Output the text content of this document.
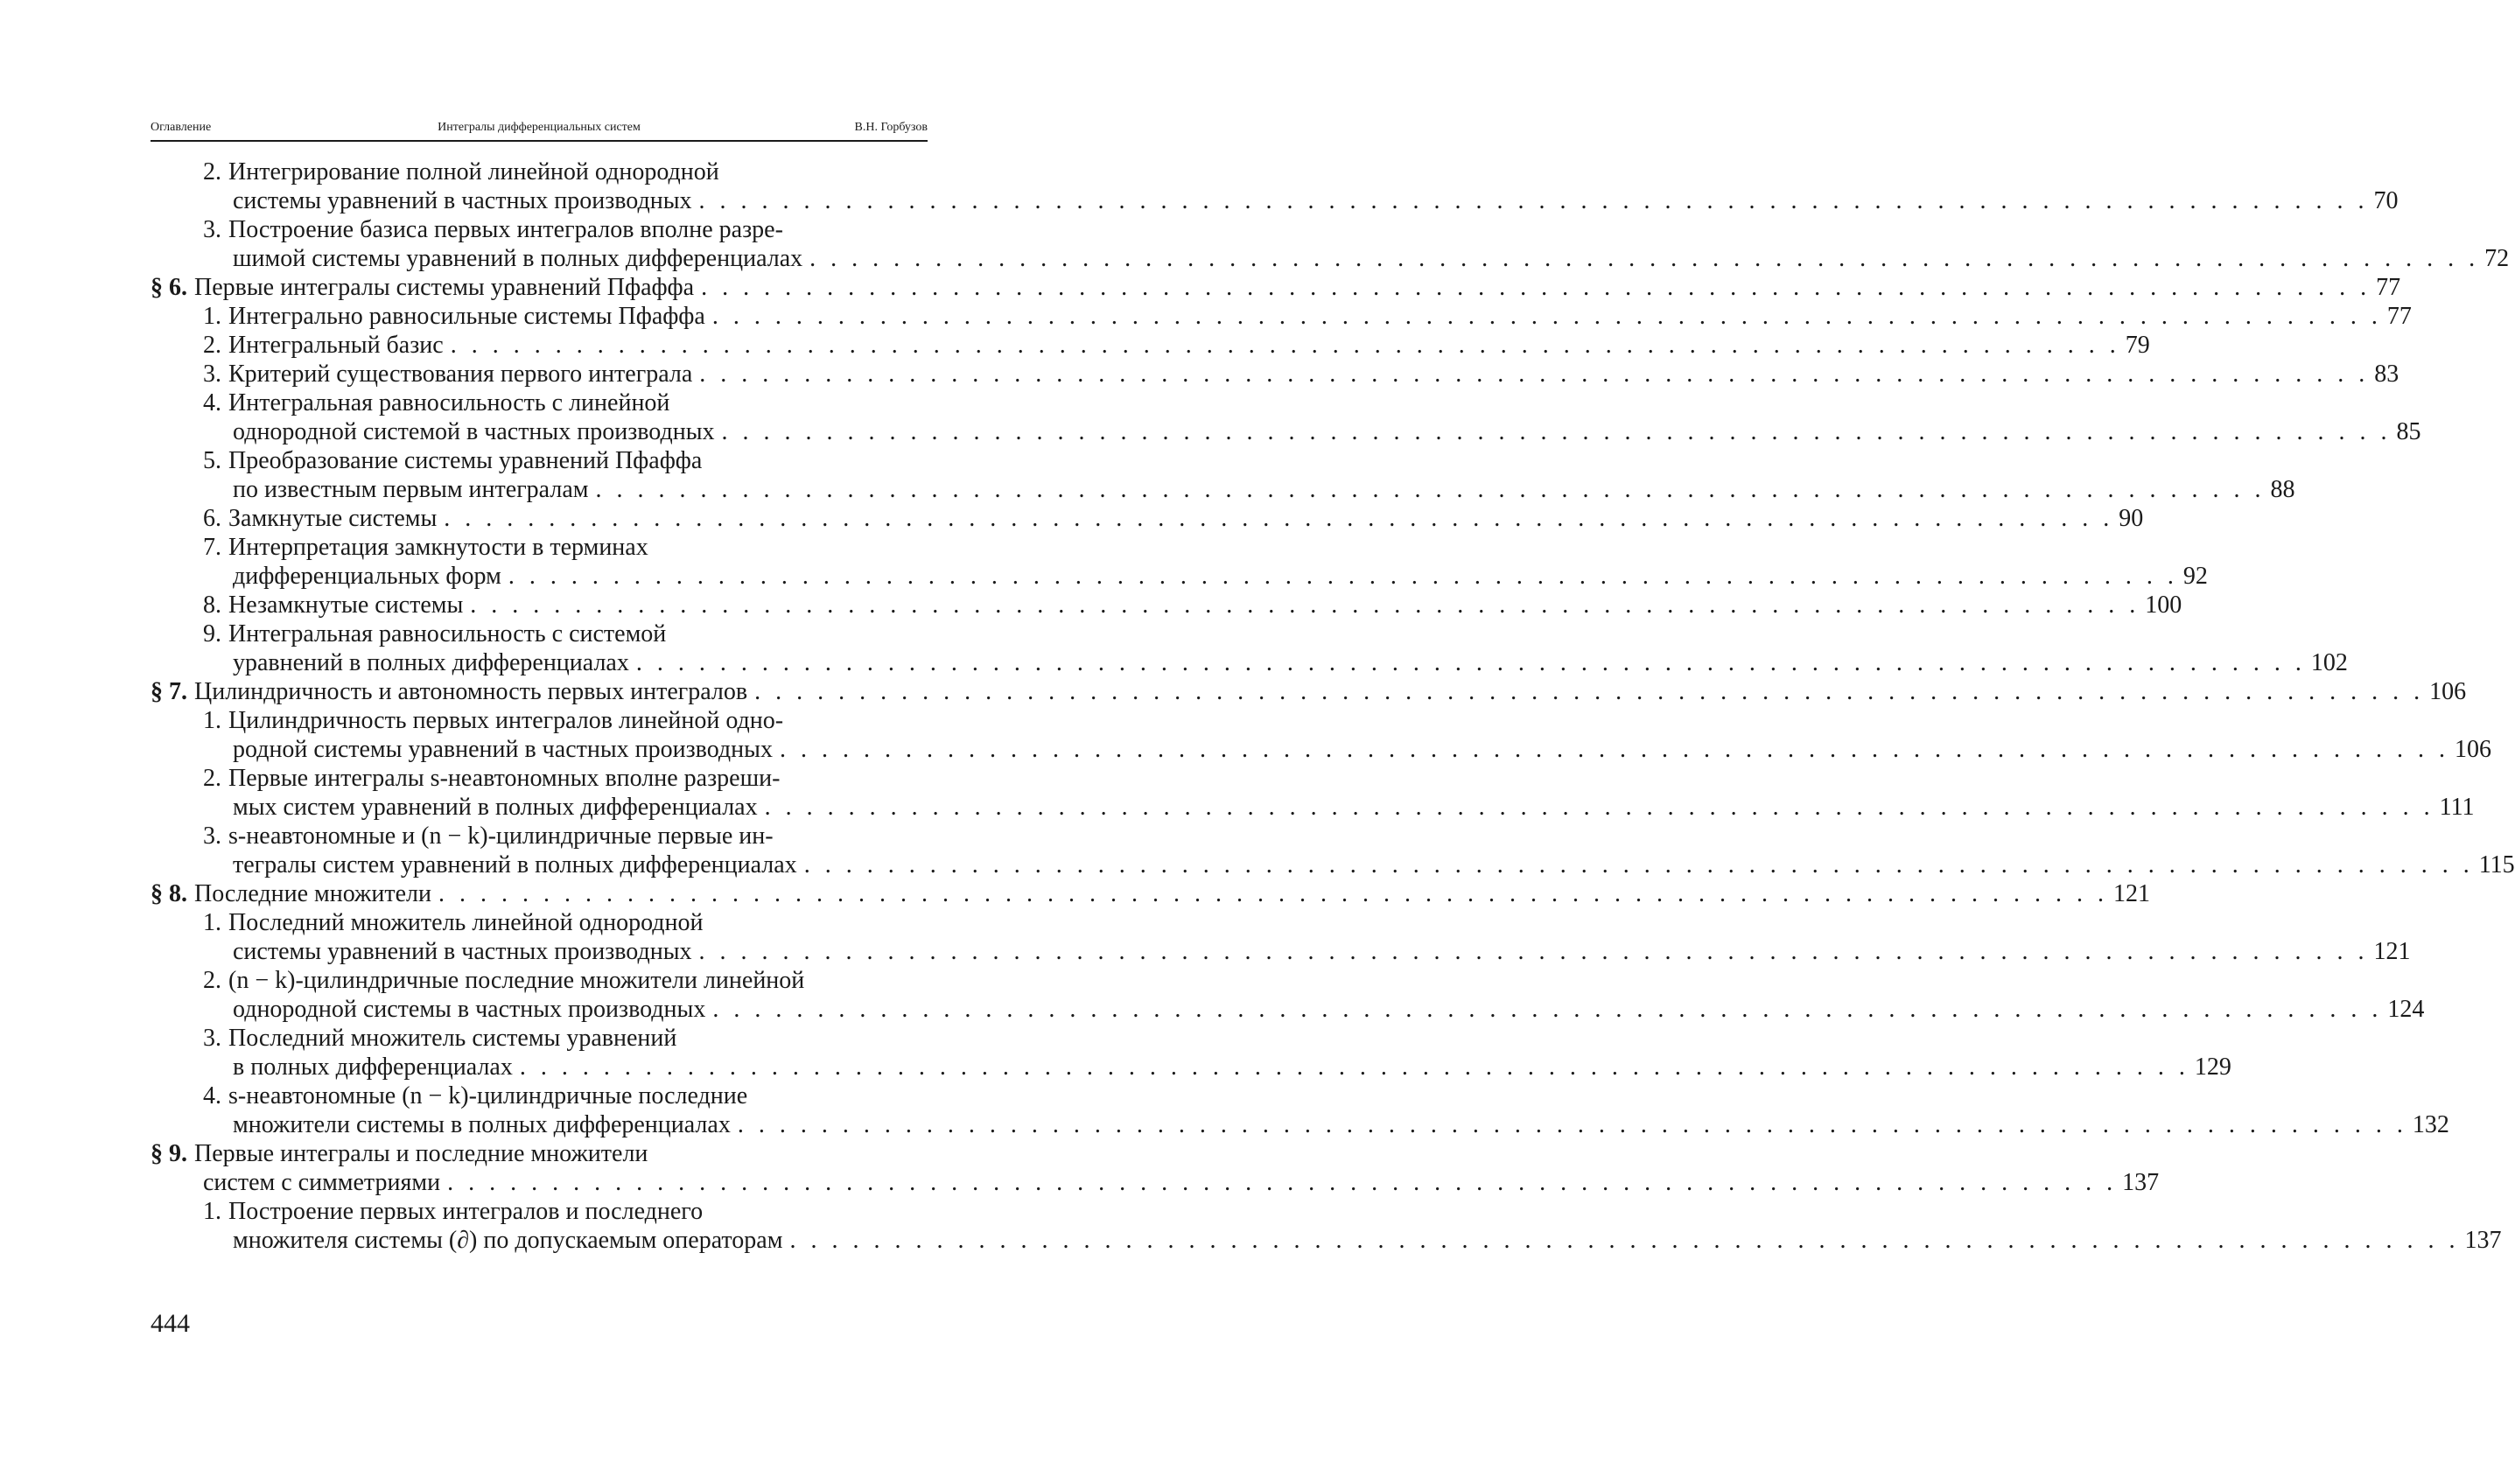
Оглавление	Интегралы дифференциальных систем	В.Н. Горбузов
2. Интегрирование полной линейной однородной
системы уравнений в частных производных . . . . . . . . . . . . . . . . . . . . . . . . . . . . . . . . . . . . . . . . . . . . . . . . . . . . . . . . . . . . . . . . . . . . . . . . . . . . . . . . 70
3. Построение базиса первых интегралов вполне разре-
шимой системы уравнений в полных дифференциалах . . . . . . . . . . . . . . . . . . . . . . . . . . . . . . . . . . . . . . . . . . . . . . . . . . . . . . . . . . . . . . . . . . . . . . . . . . . . . . . . 72
§ 6. Первые интегралы системы уравнений Пфаффа . . . . . . . . . . . . . . . . . . . . . . . . . . . . . . . . . . . . . . . . . . . . . . . . . . . . . . . . . . . . . . . . . . . . . . . . . . . . . . . . 77
1. Интегрально равносильные системы Пфаффа . . . . . . . . . . . . . . . . . . . . . . . . . . . . . . . . . . . . . . . . . . . . . . . . . . . . . . . . . . . . . . . . . . . . . . . . . . . . . . . . 77
2. Интегральный базис . . . . . . . . . . . . . . . . . . . . . . . . . . . . . . . . . . . . . . . . . . . . . . . . . . . . . . . . . . . . . . . . . . . . . . . . . . . . . . . . 79
3. Критерий существования первого интеграла . . . . . . . . . . . . . . . . . . . . . . . . . . . . . . . . . . . . . . . . . . . . . . . . . . . . . . . . . . . . . . . . . . . . . . . . . . . . . . . . 83
4. Интегральная равносильность с линейной
однородной системой в частных производных . . . . . . . . . . . . . . . . . . . . . . . . . . . . . . . . . . . . . . . . . . . . . . . . . . . . . . . . . . . . . . . . . . . . . . . . . . . . . . . . 85
5. Преобразование системы уравнений Пфаффа
по известным первым интегралам . . . . . . . . . . . . . . . . . . . . . . . . . . . . . . . . . . . . . . . . . . . . . . . . . . . . . . . . . . . . . . . . . . . . . . . . . . . . . . . . 88
6. Замкнутые системы . . . . . . . . . . . . . . . . . . . . . . . . . . . . . . . . . . . . . . . . . . . . . . . . . . . . . . . . . . . . . . . . . . . . . . . . . . . . . . . . 90
7. Интерпретация замкнутости в терминах
дифференциальных форм . . . . . . . . . . . . . . . . . . . . . . . . . . . . . . . . . . . . . . . . . . . . . . . . . . . . . . . . . . . . . . . . . . . . . . . . . . . . . . . . 92
8. Незамкнутые системы . . . . . . . . . . . . . . . . . . . . . . . . . . . . . . . . . . . . . . . . . . . . . . . . . . . . . . . . . . . . . . . . . . . . . . . . . . . . . . . . 100
9. Интегральная равносильность с системой
уравнений в полных дифференциалах . . . . . . . . . . . . . . . . . . . . . . . . . . . . . . . . . . . . . . . . . . . . . . . . . . . . . . . . . . . . . . . . . . . . . . . . . . . . . . . . 102
§ 7. Цилиндричность и автономность первых интегралов . . . . . . . . . . . . . . . . . . . . . . . . . . . . . . . . . . . . . . . . . . . . . . . . . . . . . . . . . . . . . . . . . . . . . . . . . . . . . . . . 106
1. Цилиндричность первых интегралов линейной одно-
родной системы уравнений в частных производных . . . . . . . . . . . . . . . . . . . . . . . . . . . . . . . . . . . . . . . . . . . . . . . . . . . . . . . . . . . . . . . . . . . . . . . . . . . . . . . . 106
2. Первые интегралы s-неавтономных вполне разреши-
мых систем уравнений в полных дифференциалах . . . . . . . . . . . . . . . . . . . . . . . . . . . . . . . . . . . . . . . . . . . . . . . . . . . . . . . . . . . . . . . . . . . . . . . . . . . . . . . . 111
3. s-неавтономные и (n − k)-цилиндричные первые ин-
тегралы систем уравнений в полных дифференциалах . . . . . . . . . . . . . . . . . . . . . . . . . . . . . . . . . . . . . . . . . . . . . . . . . . . . . . . . . . . . . . . . . . . . . . . . . . . . . . . . 115
§ 8. Последние множители . . . . . . . . . . . . . . . . . . . . . . . . . . . . . . . . . . . . . . . . . . . . . . . . . . . . . . . . . . . . . . . . . . . . . . . . . . . . . . . . 121
1. Последний множитель линейной однородной
системы уравнений в частных производных . . . . . . . . . . . . . . . . . . . . . . . . . . . . . . . . . . . . . . . . . . . . . . . . . . . . . . . . . . . . . . . . . . . . . . . . . . . . . . . . 121
2. (n − k)-цилиндричные последние множители линейной
однородной системы в частных производных . . . . . . . . . . . . . . . . . . . . . . . . . . . . . . . . . . . . . . . . . . . . . . . . . . . . . . . . . . . . . . . . . . . . . . . . . . . . . . . . 124
3. Последний множитель системы уравнений
в полных дифференциалах . . . . . . . . . . . . . . . . . . . . . . . . . . . . . . . . . . . . . . . . . . . . . . . . . . . . . . . . . . . . . . . . . . . . . . . . . . . . . . . . 129
4. s-неавтономные (n − k)-цилиндричные последние
множители системы в полных дифференциалах . . . . . . . . . . . . . . . . . . . . . . . . . . . . . . . . . . . . . . . . . . . . . . . . . . . . . . . . . . . . . . . . . . . . . . . . . . . . . . . . 132
§ 9. Первые интегралы и последние множители
систем с симметриями . . . . . . . . . . . . . . . . . . . . . . . . . . . . . . . . . . . . . . . . . . . . . . . . . . . . . . . . . . . . . . . . . . . . . . . . . . . . . . . . 137
1. Построение первых интегралов и последнего
множителя системы (∂) по допускаемым операторам . . . . . . . . . . . . . . . . . . . . . . . . . . . . . . . . . . . . . . . . . . . . . . . . . . . . . . . . . . . . . . . . . . . . . . . . . . . . . . . . 137
444
